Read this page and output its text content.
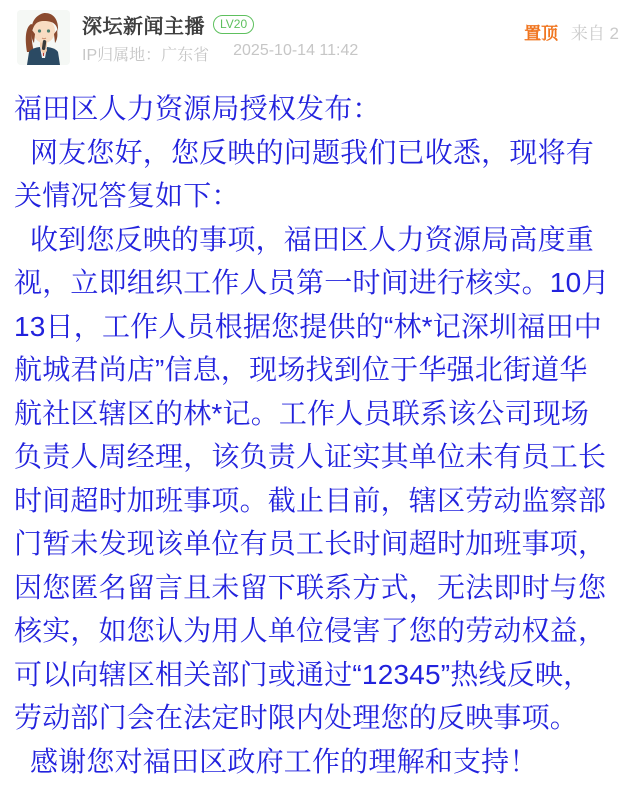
深坛新闻主播	LV20
IP归属地：广东省 2025-10-14 11:42
置顶 来自 2
福田区人力资源局授权发布：
网友您好，您反映的问题我们已收悉，现将有
关情况答复如下：
收到您反映的事项，福田区人力资源局高度重
视，立即组织工作人员第一时间进行核实。10月
13日，工作人员根据您提供的“林*记深圳福田中
航城君尚店”信息，现场找到位于华强北街道华
航社区辖区的林*记。工作人员联系该公司现场
负责人周经理，该负责人证实其单位未有员工长
时间超时加班事项。截止目前，辖区劳动监察部
门暂未发现该单位有员工长时间超时加班事项，
因您匿名留言且未留下联系方式，无法即时与您
核实，如您认为用人单位侵害了您的劳动权益，
可以向辖区相关部门或通过“12345”热线反映，
劳动部门会在法定时限内处理您的反映事项。
感谢您对福田区政府工作的理解和支持！
